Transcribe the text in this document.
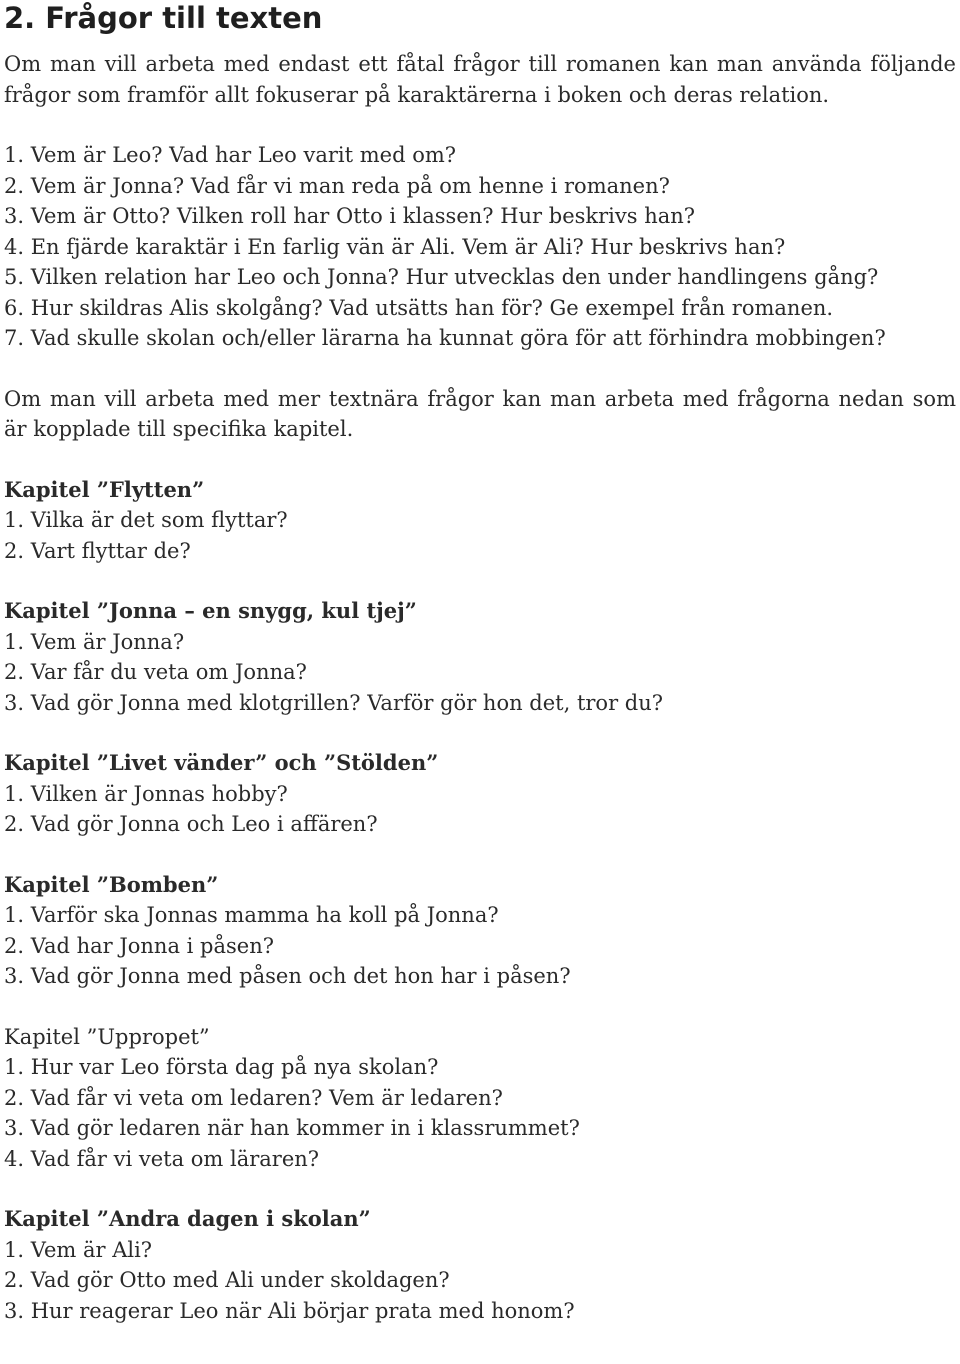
2. Frågor till texten

Om man vill arbeta med endast ett fåtal frågor till romanen kan man använda följande frågor som framför allt fokuserar på karaktärerna i boken och deras relation.

1. Vem är Leo? Vad har Leo varit med om?
2. Vem är Jonna? Vad får vi man reda på om henne i romanen?
3. Vem är Otto? Vilken roll har Otto i klassen? Hur beskrivs han?
4. En fjärde karaktär i En farlig vän är Ali. Vem är Ali? Hur beskrivs han?
5. Vilken relation har Leo och Jonna? Hur utvecklas den under handlingens gång?
6. Hur skildras Alis skolgång? Vad utsätts han för? Ge exempel från romanen.
7. Vad skulle skolan och/eller lärarna ha kunnat göra för att förhindra mobbingen?

Om man vill arbeta med mer textnära frågor kan man arbeta med frågorna nedan som är kopplade till specifika kapitel.

Kapitel ”Flytten”
1. Vilka är det som flyttar?
2. Vart flyttar de?
Kapitel ”Jonna – en snygg, kul tjej”
1. Vem är Jonna?
2. Var får du veta om Jonna?
3. Vad gör Jonna med klotgrillen? Varför gör hon det, tror du?
Kapitel ”Livet vänder” och ”Stölden”
1. Vilken är Jonnas hobby?
2. Vad gör Jonna och Leo i affären?
Kapitel ”Bomben”
1. Varför ska Jonnas mamma ha koll på Jonna?
2. Vad har Jonna i påsen?
3. Vad gör Jonna med påsen och det hon har i påsen?
Kapitel ”Uppropet”
1. Hur var Leo första dag på nya skolan?
2. Vad får vi veta om ledaren? Vem är ledaren?
3. Vad gör ledaren när han kommer in i klassrummet?
4. Vad får vi veta om läraren?
Kapitel ”Andra dagen i skolan”
1. Vem är Ali?
2. Vad gör Otto med Ali under skoldagen?
3. Hur reagerar Leo när Ali börjar prata med honom?
